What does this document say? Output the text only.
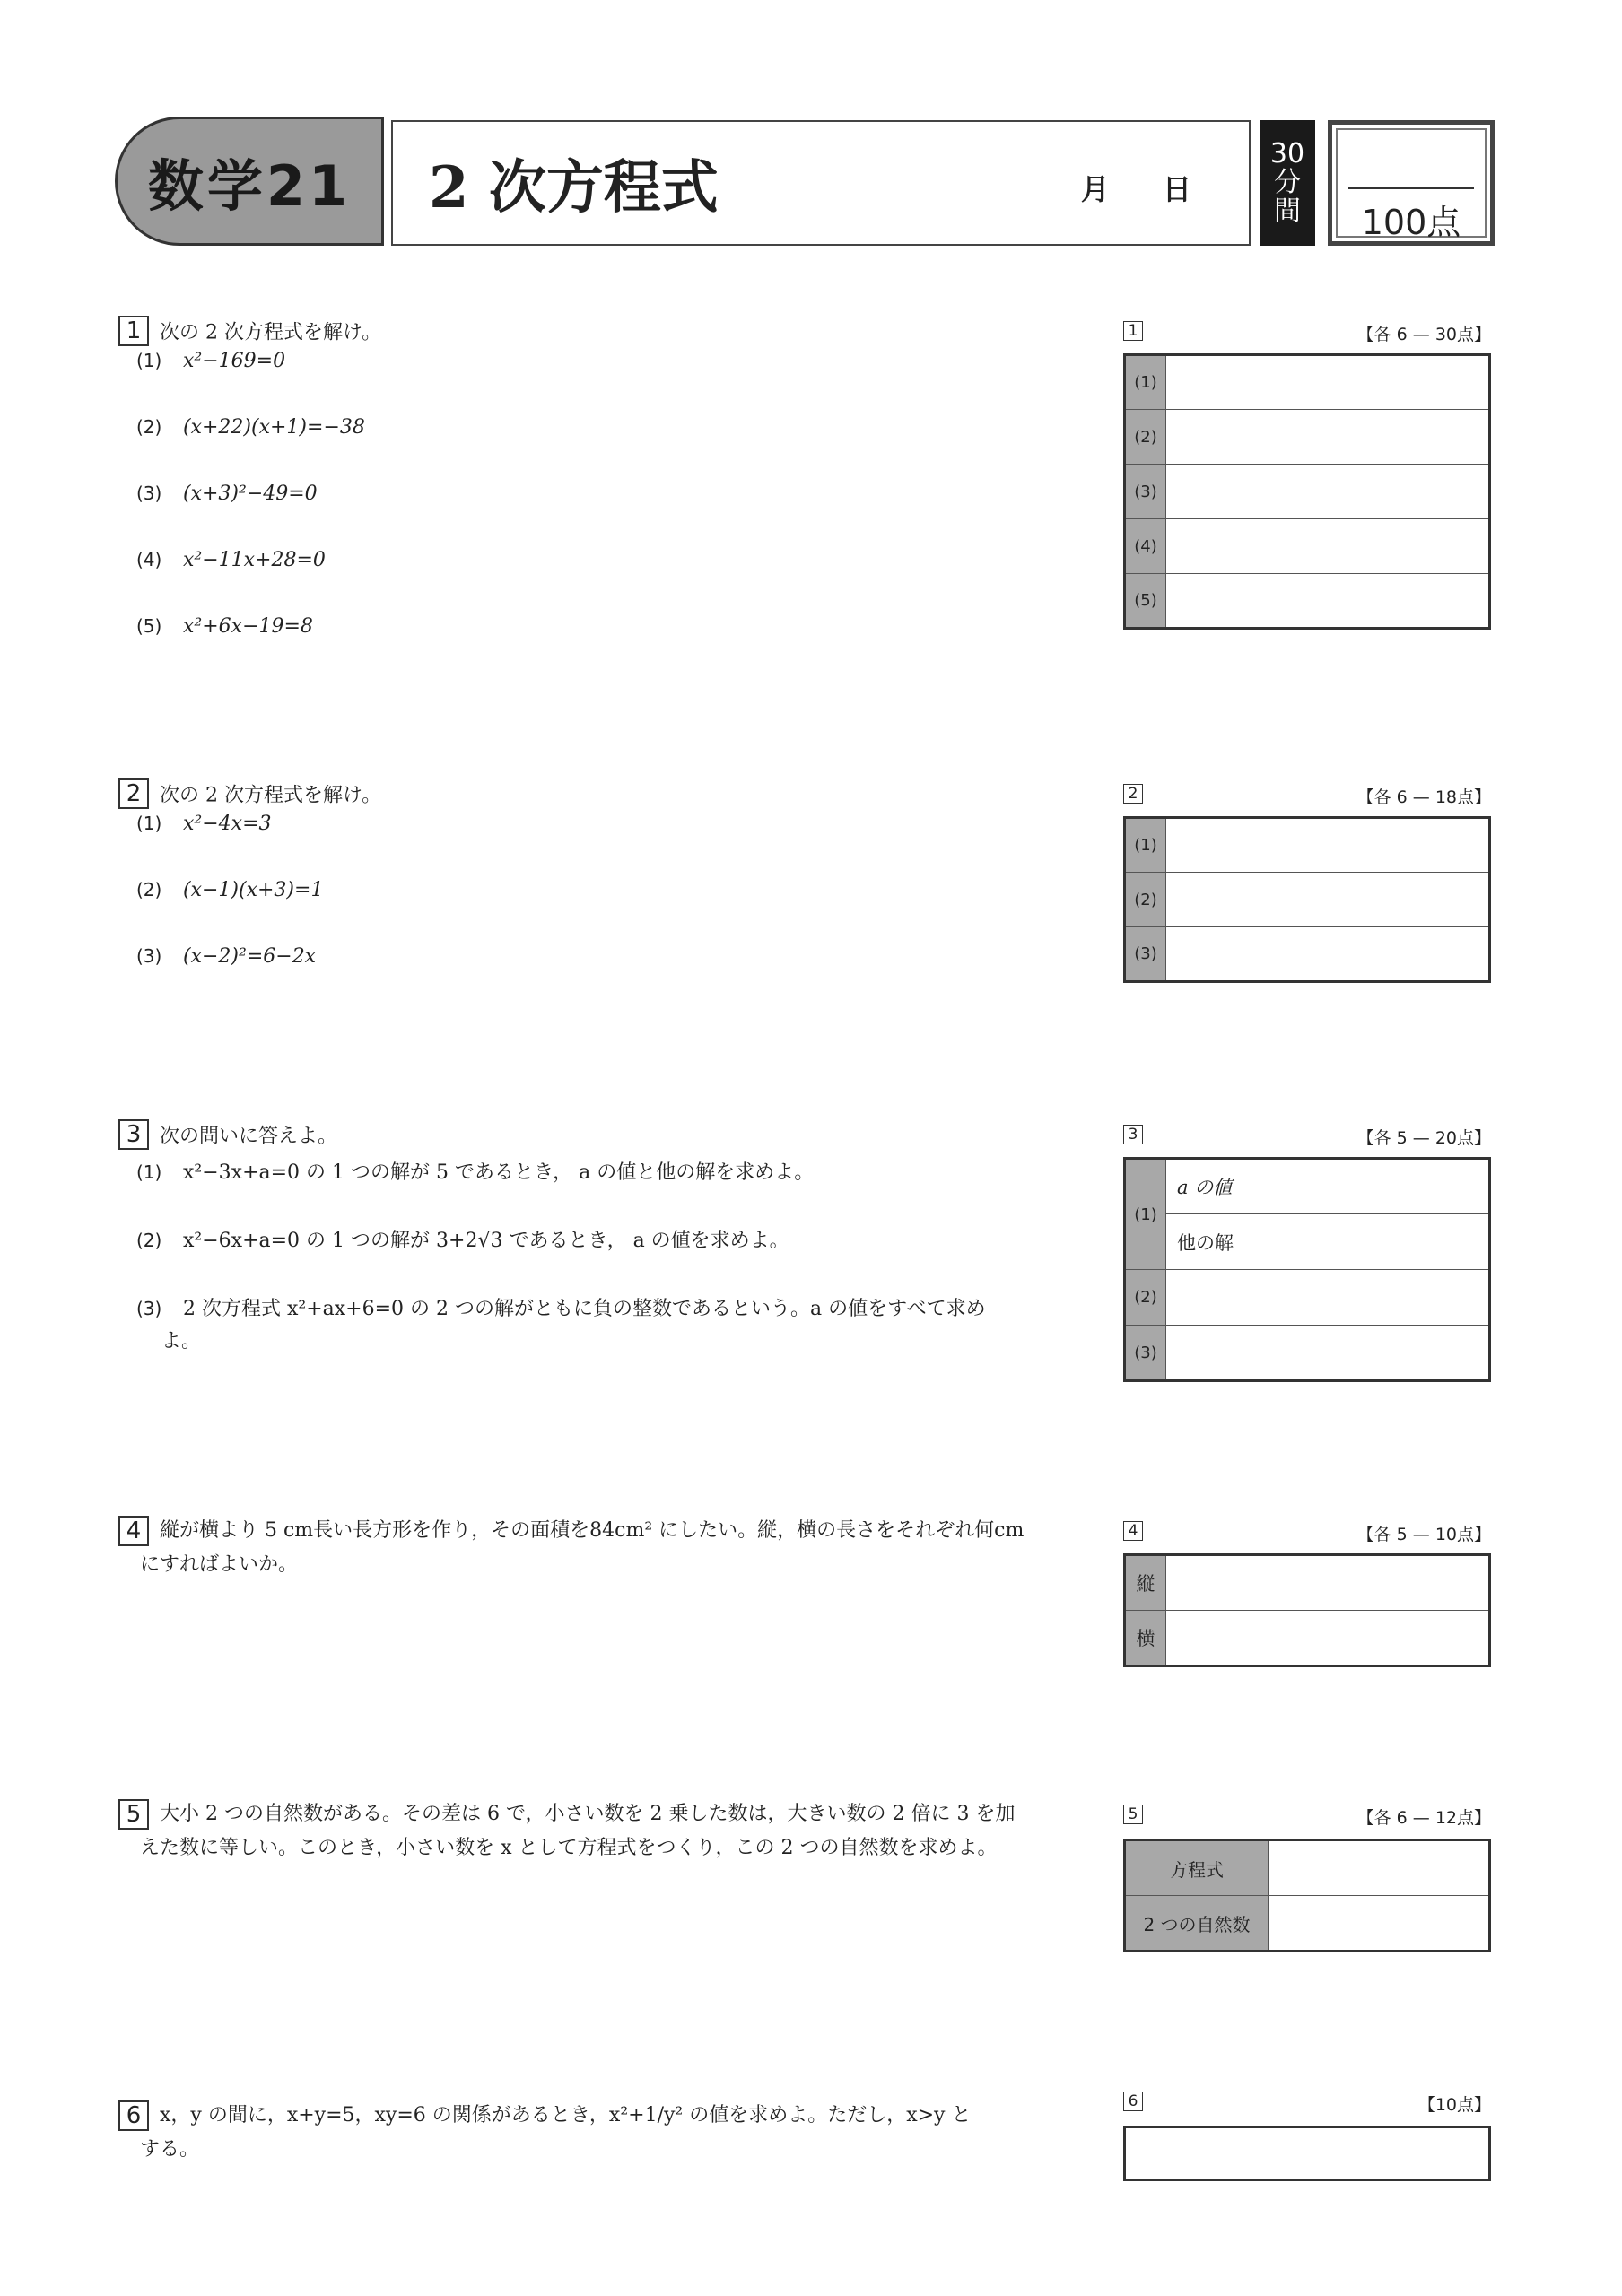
数学21 2 次方程式	月 日
30
分
間	100点
1 次の 2 次方程式を解け。
(1) x²−169=0
(2) (x+22)(x+1)=−38
(3) (x+3)²−49=0
(4) x²−11x+28=0
(5) x²+6x−19=8
2 次の 2 次方程式を解け。
(1) x²−4x=3
(2) (x−1)(x+3)=1
(3) (x−2)²=6−2x
3 次の問いに答えよ。
(1) x²−3x+a=0 の 1 つの解が 5 であるとき， a の値と他の解を求めよ。
(2) x²−6x+a=0 の 1 つの解が 3+2√3 であるとき， a の値を求めよ。
(3) 2 次方程式 x²+ax+6=0 の 2 つの解がともに負の整数であるという。a の値をすべて求め
よ。
4 縦が横より 5 cm長い長方形を作り，その面積を84cm² にしたい。縦，横の長さをそれぞれ何cm
にすればよいか。
5 大小 2 つの自然数がある。その差は 6 で，小さい数を 2 乗した数は，大きい数の 2 倍に 3 を加
えた数に等しい。このとき，小さい数を x として方程式をつくり，この 2 つの自然数を求めよ。
6 x，y の間に，x+y=5，xy=6 の関係があるとき，x²+1/y² の値を求めよ。ただし，x>y と
する。
1	【各 6 — 30点】
(1)	
(2)	
(3)	
(4)	
(5)	
2	【各 6 — 18点】
(1)	
(2)	
(3)	
3	【各 5 — 20点】
(1)	a の値
	他の解
(2)	
(3)	
4	【各 5 — 10点】
縦	
横	
5	【各 6 — 12点】
方程式	
2 つの自然数	
6	【10点】
